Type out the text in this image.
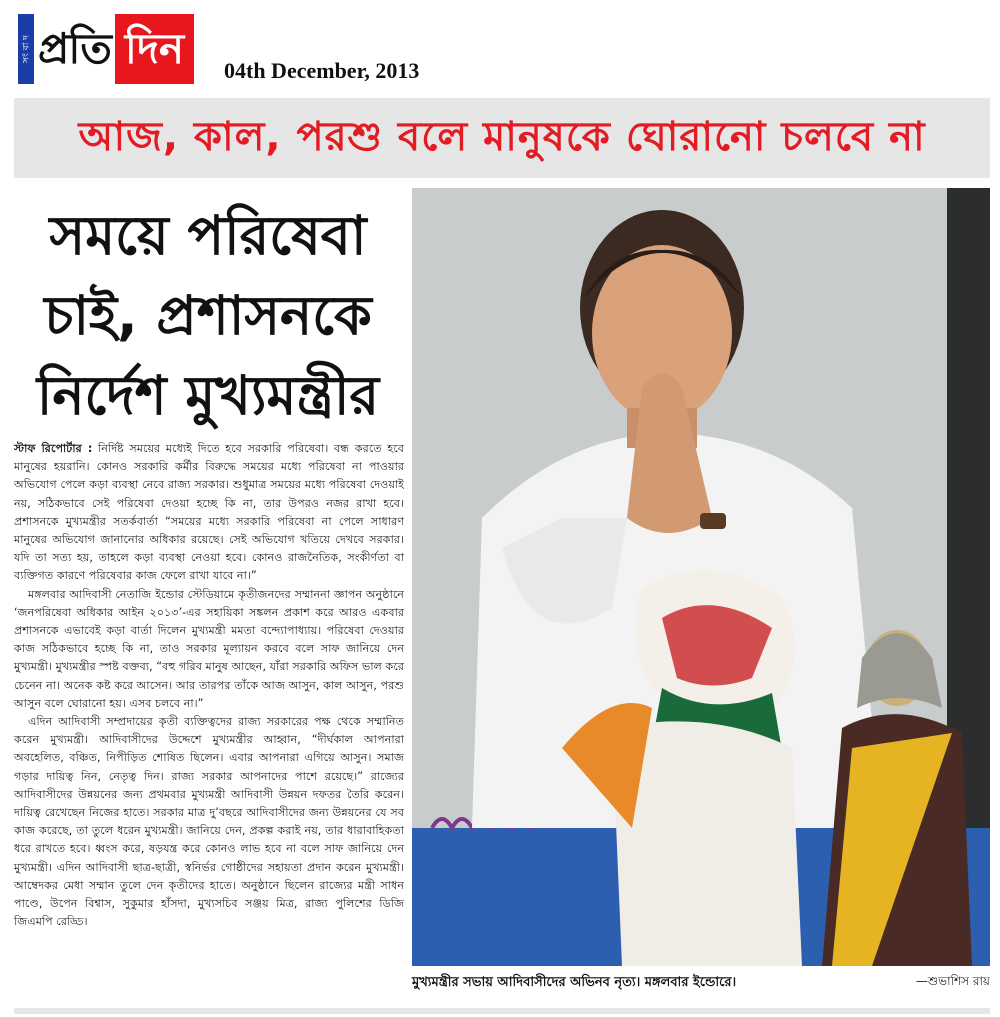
সং বা দ প্রতি দিন	04th December, 2013
আজ, কাল, পরশু বলে মানুষকে ঘোরানো চলবে না
সময়ে পরিষেবা
চাই, প্রশাসনকে
নির্দেশ মুখ্যমন্ত্রীর

স্টাফ রিপোর্টার : নির্দিষ্ট সময়ের মধ্যেই দিতে হবে সরকারি পরিষেবা। বন্ধ করতে হবে মানুষের হয়রানি। কোনও সরকারি কর্মীর বিরুদ্ধে সময়ের মধ্যে পরিষেবা না পাওয়ার অভিযোগ পেলে কড়া ব্যবস্থা নেবে রাজ্য সরকার। শুধুমাত্র সময়ের মধ্যে পরিষেবা দেওয়াই নয়, সঠিকভাবে সেই পরিষেবা দেওয়া হচ্ছে কি না, তার উপরও নজর রাখা হবে। প্রশাসনকে মুখ্যমন্ত্রীর সতর্কবার্তা “সময়ের মধ্যে সরকারি পরিষেবা না পেলে সাধারণ মানুষের অভিযোগ জানানোর অধিকার রয়েছে। সেই অভিযোগ খতিয়ে দেখবে সরকার। যদি তা সত্য হয়, তাহলে কড়া ব্যবস্থা নেওয়া হবে। কোনও রাজনৈতিক, সংকীর্ণতা বা ব্যক্তিগত কারণে পরিষেবার কাজ ফেলে রাখা যাবে না।”

মঙ্গলবার আদিবাসী নেতাজি ইন্ডোর স্টেডিয়ামে কৃতীজনদের সম্মাননা জ্ঞাপন অনুষ্ঠানে ‘জনপরিষেবা অধিকার আইন ২০১৩’-এর সহায়িকা সঙ্কলন প্রকাশ করে আরও একবার প্রশাসনকে এভাবেই কড়া বার্তা দিলেন মুখ্যমন্ত্রী মমতা বন্দ্যোপাধ্যায়। পরিষেবা দেওয়ার কাজ সঠিকভাবে হচ্ছে কি না, তাও সরকার মূল্যায়ন করবে বলে সাফ জানিয়ে দেন মুখ্যমন্ত্রী। মুখ্যমন্ত্রীর স্পষ্ট বক্তব্য, “বহু গরিব মানুষ আছেন, যাঁরা সরকারি অফিস ভাল করে চেনেন না। অনেক কষ্ট করে আসেন। আর তারপর তাঁকে আজ আসুন, কাল আসুন, পরশু আসুন বলে ঘোরানো হয়। এসব চলবে না।”

এদিন আদিবাসী সম্প্রদায়ের কৃতী ব্যক্তিত্বদের রাজ্য সরকারের পক্ষ থেকে সম্মানিত করেন মুখ্যমন্ত্রী। আদিবাসীদের উদ্দেশে মুখ্যমন্ত্রীর আহ্বান, “দীর্ঘকাল আপনারা অবহেলিত, বঞ্চিত, নিপীড়িত শোষিত ছিলেন। এবার আপনারা এগিয়ে আসুন। সমাজ গড়ার দায়িত্ব নিন, নেতৃত্ব দিন। রাজ্য সরকার আপনাদের পাশে রয়েছে।” রাজ্যের আদিবাসীদের উন্নয়নের জন্য প্রথমবার মুখ্যমন্ত্রী আদিবাসী উন্নয়ন দফতর তৈরি করেন। দায়িত্ব রেখেছেন নিজের হাতে। সরকার মাত্র দু’বছরে আদিবাসীদের জন্য উন্নয়নের যে সব কাজ করেছে, তা তুলে ধরেন মুখ্যমন্ত্রী। জানিয়ে দেন, প্রকল্প করাই নয়, তার ধারাবাহিকতা ধরে রাখতে হবে। ধ্বংস করে, ষড়যন্ত্র করে কোনও লাভ হবে না বলে সাফ জানিয়ে দেন মুখ্যমন্ত্রী। এদিন আদিবাসী ছাত্র-ছাত্রী, স্বনির্ভর গোষ্ঠীদের সহায়তা প্রদান করেন মুখ্যমন্ত্রী। আম্বেদকর মেধা সম্মান তুলে দেন কৃতীদের হাতে। অনুষ্ঠানে ছিলেন রাজ্যের মন্ত্রী সাধন পাণ্ডে, উপেন বিশ্বাস, সুকুমার হাঁসদা, মুখ্যসচিব সঞ্জয় মিত্র, রাজ্য পুলিশের ডিজি জিএমপি রেড্ডি।

মুখ্যমন্ত্রীর সভায় আদিবাসীদের অভিনব নৃত্য। মঙ্গলবার ইন্ডোরে।	—শুভাশিস রায়
